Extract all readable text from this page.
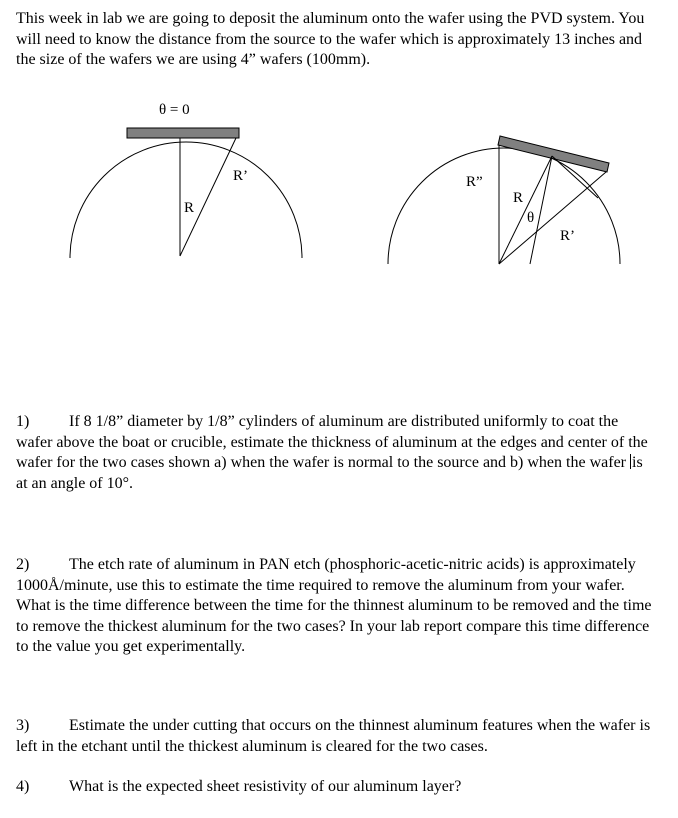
This week in lab we are going to deposit the aluminum onto the wafer using the PVD system. You will need to know the distance from the source to the wafer which is approximately 13 inches and the size of the wafers we are using 4” wafers (100mm).

θ = 0
R
R’	R”
R
θ
R’

1) If 8 1/8” diameter by 1/8” cylinders of aluminum are distributed uniformly to coat the wafer above the boat or crucible, estimate the thickness of aluminum at the edges and center of the wafer for the two cases shown a) when the wafer is normal to the source and b) when the wafer is at an angle of 10°.

2) The etch rate of aluminum in PAN etch (phosphoric-acetic-nitric acids) is approximately 1000Å/minute, use this to estimate the time required to remove the aluminum from your wafer. What is the time difference between the time for the thinnest aluminum to be removed and the time to remove the thickest aluminum for the two cases? In your lab report compare this time difference to the value you get experimentally.

3) Estimate the under cutting that occurs on the thinnest aluminum features when the wafer is left in the etchant until the thickest aluminum is cleared for the two cases.

4) What is the expected sheet resistivity of our aluminum layer?
